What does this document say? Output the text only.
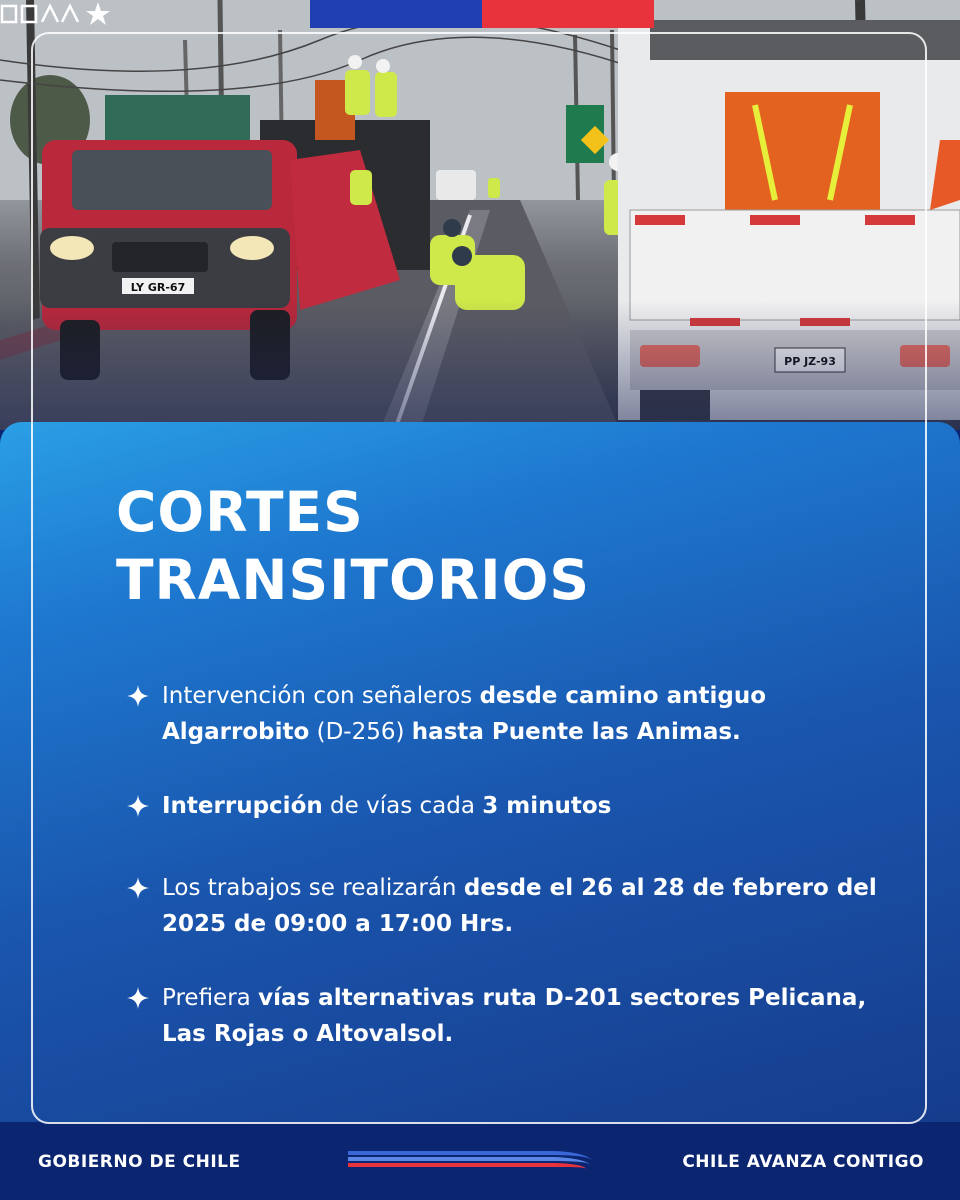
LY GR-67
CORTES
TRANSITORIOS
Intervención con señaleros desde camino antiguo Algarrobito (D-256) hasta Puente las Animas.
Interrupción de vías cada 3 minutos
Los trabajos se realizarán desde el 26 al 28 de febrero del 2025 de 09:00 a 17:00 Hrs.
Prefiera vías alternativas ruta D-201 sectores Pelicana, Las Rojas o Altovalsol.
GOBIERNO DE CHILE	CHILE AVANZA CONTIGO
